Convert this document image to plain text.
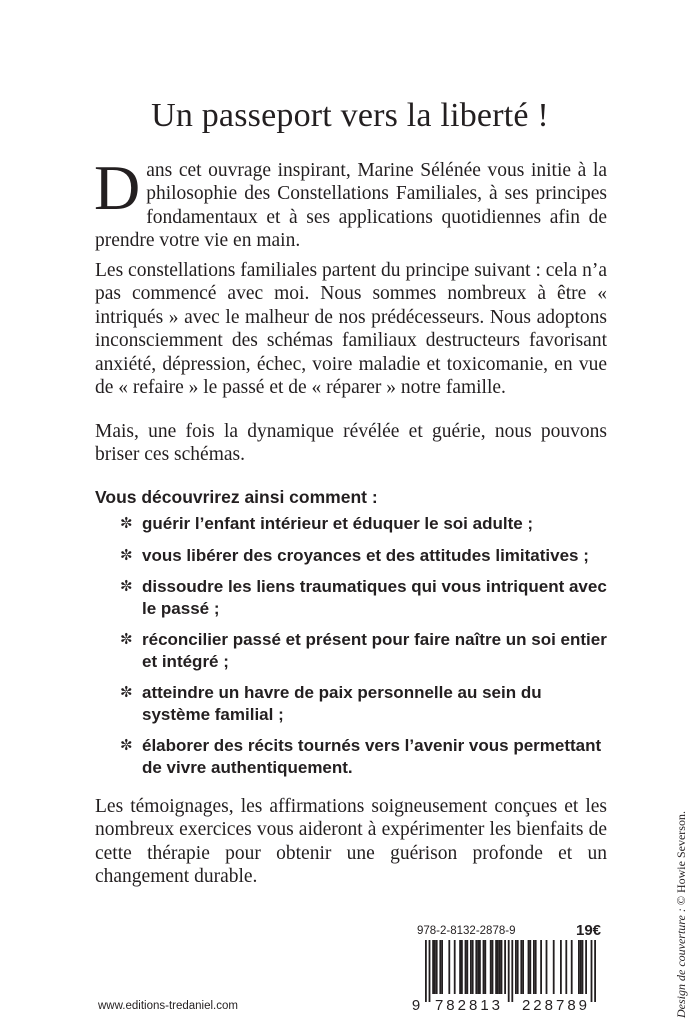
Un passeport vers la liberté !

Dans cet ouvrage inspirant, Marine Sélénée vous initie à la philosophie des Constellations Familiales, à ses principes fondamentaux et à ses applications quotidiennes afin de prendre votre vie en main.

Les constellations familiales partent du principe suivant : cela n’a pas commencé avec moi. Nous sommes nombreux à être « intriqués » avec le malheur de nos prédécesseurs. Nous adoptons inconsciemment des schémas familiaux destructeurs favorisant anxiété, dépression, échec, voire maladie et toxicomanie, en vue de « refaire » le passé et de « réparer » notre famille.

Mais, une fois la dynamique révélée et guérie, nous pouvons briser ces schémas.

Vous découvrirez ainsi comment :

✼ guérir l’enfant intérieur et éduquer le soi adulte ;
✼ vous libérer des croyances et des attitudes limitatives ;
✼ dissoudre les liens traumatiques qui vous intriquent avec le passé ;
✼ réconcilier passé et présent pour faire naître un soi entier et intégré ;
✼ atteindre un havre de paix personnelle au sein du système familial ;
✼ élaborer des récits tournés vers l’avenir vous permettant de vivre authentiquement.

Les témoignages, les affirmations soigneusement conçues et les nombreux exercices vous aideront à expérimenter les bienfaits de cette thérapie pour obtenir une guérison profonde et un changement durable.

Design de couverture : © Howie Severson.
978-2-8132-2878-9	19€
9 782813 228789
www.editions-tredaniel.com
